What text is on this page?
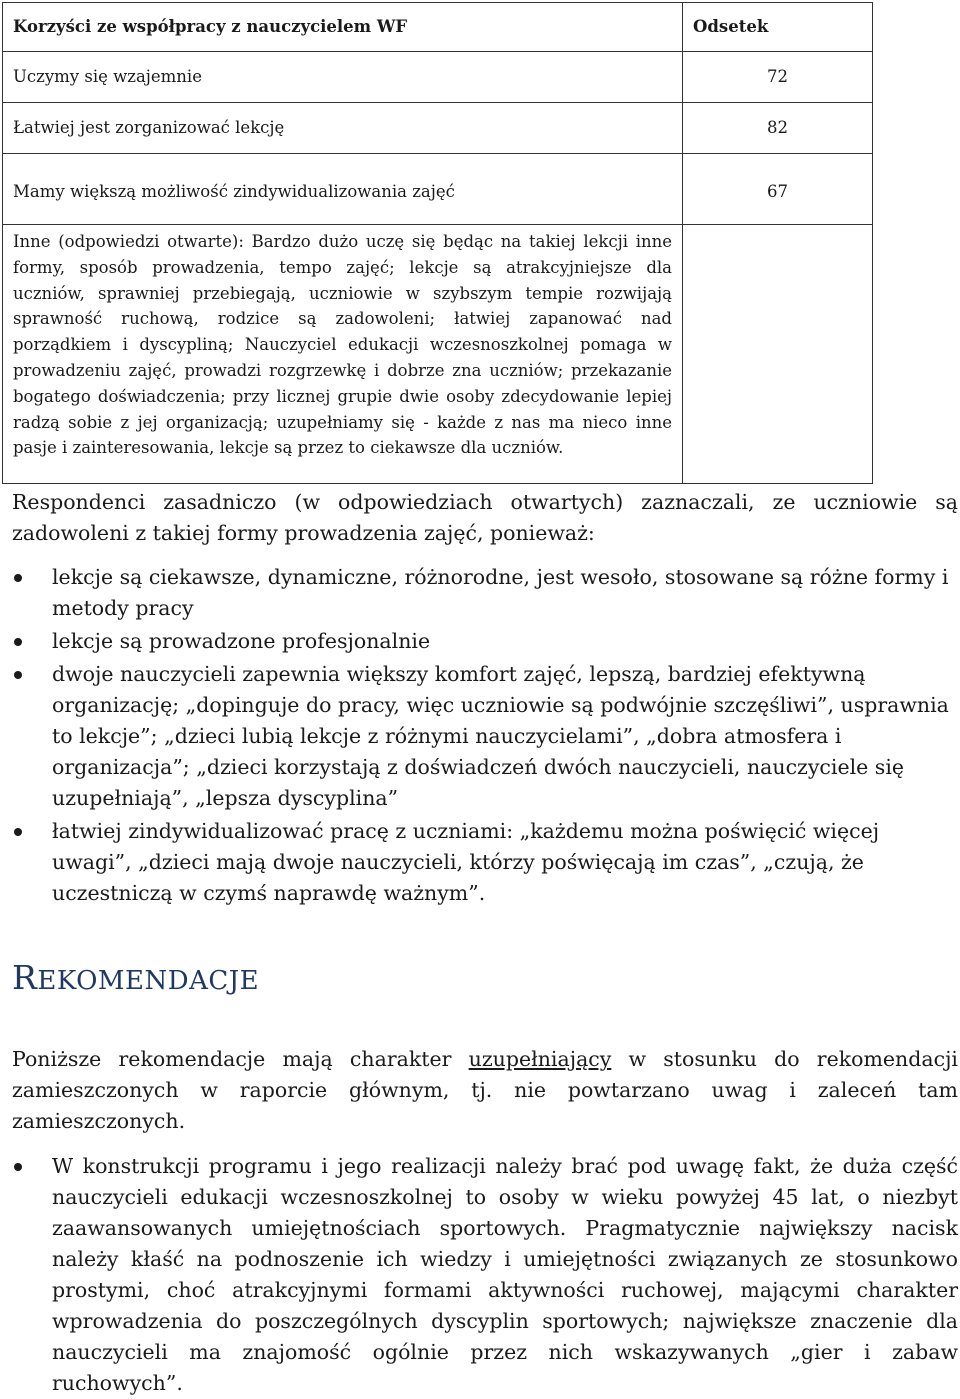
Korzyści ze współpracy z nauczycielem WF	Odsetek
Uczymy się wzajemnie	72
Łatwiej jest zorganizować lekcję	82
Mamy większą możliwość zindywidualizowania zajęć	67
Inne (odpowiedzi otwarte): Bardzo dużo uczę się będąc na takiej lekcji inne formy, sposób prowadzenia, tempo zajęć; lekcje są atrakcyjniejsze dla uczniów, sprawniej przebiegają, uczniowie w szybszym tempie rozwijają sprawność ruchową, rodzice są zadowoleni; łatwiej zapanować nad porządkiem i dyscypliną; Nauczyciel edukacji wczesnoszkolnej pomaga w prowadzeniu zajęć, prowadzi rozgrzewkę i dobrze zna uczniów; przekazanie bogatego doświadczenia; przy licznej grupie dwie osoby zdecydowanie lepiej radzą sobie z jej organizacją; uzupełniamy się - każde z nas ma nieco inne pasje i zainteresowania, lekcje są przez to ciekawsze dla uczniów.	

Respondenci zasadniczo (w odpowiedziach otwartych) zaznaczali, ze uczniowie są
zadowoleni z takiej formy prowadzenia zajęć, ponieważ:

lekcje są ciekawsze, dynamiczne, różnorodne, jest wesoło, stosowane są różne formy i metody pracy
lekcje są prowadzone profesjonalnie
dwoje nauczycieli zapewnia większy komfort zajęć, lepszą, bardziej efektywną organizację; „dopinguje do pracy, więc uczniowie są podwójnie szczęśliwi”, usprawnia to lekcje”; „dzieci lubią lekcje z różnymi nauczycielami”, „dobra atmosfera i organizacja”; „dzieci korzystają z doświadczeń dwóch nauczycieli, nauczyciele się uzupełniają”, „lepsza dyscyplina”
łatwiej zindywidualizować pracę z uczniami: „każdemu można poświęcić więcej uwagi”, „dzieci mają dwoje nauczycieli, którzy poświęcają im czas”, „czują, że uczestniczą w czymś naprawdę ważnym”.
REKOMENDACJE

Poniższe rekomendacje mają charakter uzupełniający w stosunku do rekomendacji zamieszczonych w raporcie głównym, tj. nie powtarzano uwag i zaleceń tam zamieszczonych.

W konstrukcji programu i jego realizacji należy brać pod uwagę fakt, że duża część nauczycieli edukacji wczesnoszkolnej to osoby w wieku powyżej 45 lat, o niezbyt zaawansowanych umiejętnościach sportowych. Pragmatycznie największy nacisk należy kłaść na podnoszenie ich wiedzy i umiejętności związanych ze stosunkowo prostymi, choć atrakcyjnymi formami aktywności ruchowej, mającymi charakter wprowadzenia do poszczególnych dyscyplin sportowych; największe znaczenie dla nauczycieli ma znajomość ogólnie przez nich wskazywanych „gier i zabaw ruchowych”.
